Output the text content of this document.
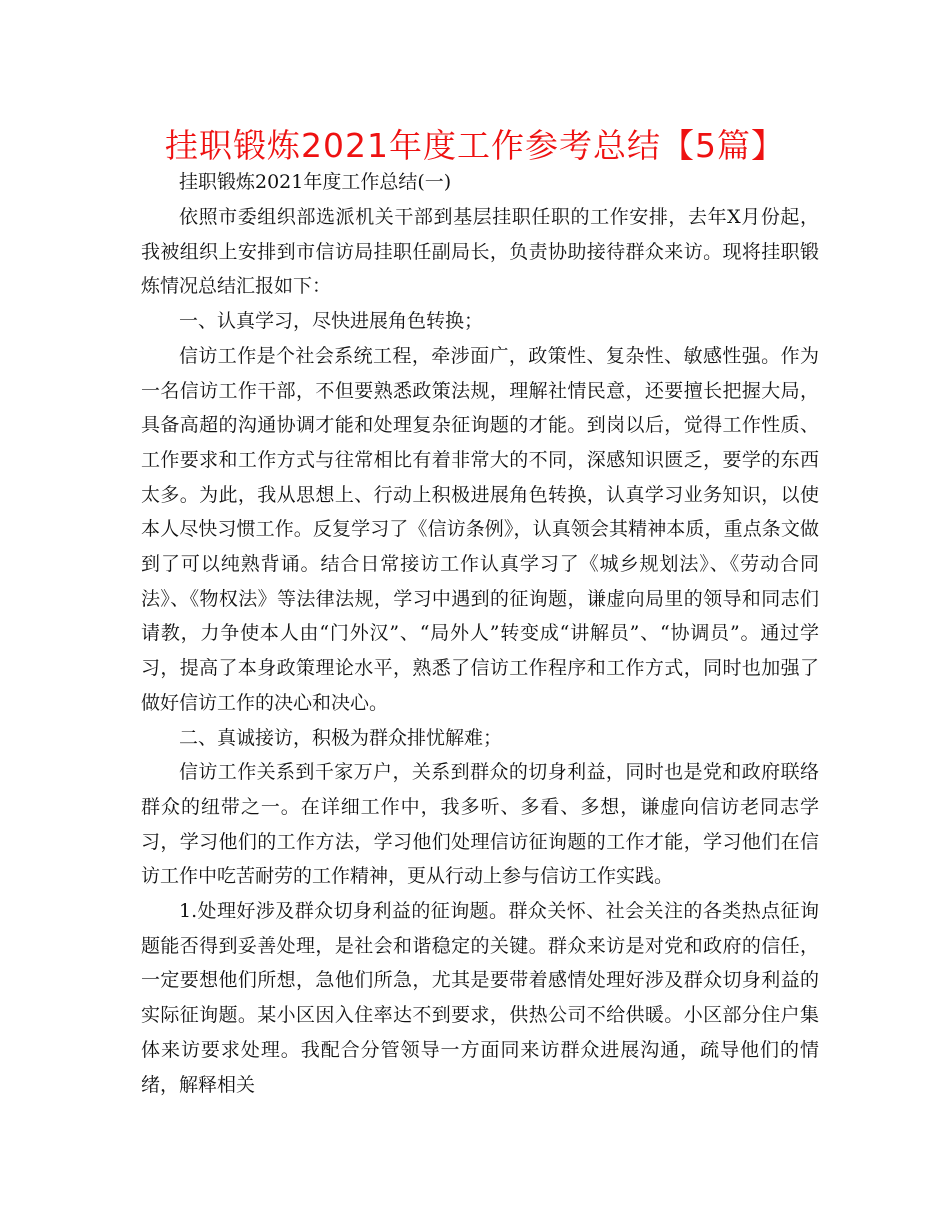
挂职锻炼2021年度工作参考总结【5篇】

挂职锻炼2021年度工作总结(一)

依照市委组织部选派机关干部到基层挂职任职的工作安排，去年X月份起，我被组织上安排到市信访局挂职任副局长，负责协助接待群众来访。现将挂职锻炼情况总结汇报如下：

一、认真学习，尽快进展角色转换；

信访工作是个社会系统工程，牵涉面广，政策性、复杂性、敏感性强。作为一名信访工作干部，不但要熟悉政策法规，理解社情民意，还要擅长把握大局，具备高超的沟通协调才能和处理复杂征询题的才能。到岗以后，觉得工作性质、工作要求和工作方式与往常相比有着非常大的不同，深感知识匮乏，要学的东西太多。为此，我从思想上、行动上积极进展角色转换，认真学习业务知识，以使本人尽快习惯工作。反复学习了《信访条例》，认真领会其精神本质，重点条文做到了可以纯熟背诵。结合日常接访工作认真学习了《城乡规划法》、《劳动合同法》、《物权法》等法律法规，学习中遇到的征询题，谦虚向局里的领导和同志们请教，力争使本人由“门外汉”、“局外人”转变成“讲解员”、“协调员”。通过学习，提高了本身政策理论水平，熟悉了信访工作程序和工作方式，同时也加强了做好信访工作的决心和决心。

二、真诚接访，积极为群众排忧解难；

信访工作关系到千家万户，关系到群众的切身利益，同时也是党和政府联络群众的纽带之一。在详细工作中，我多听、多看、多想，谦虚向信访老同志学习，学习他们的工作方法，学习他们处理信访征询题的工作才能，学习他们在信访工作中吃苦耐劳的工作精神，更从行动上参与信访工作实践。

1.处理好涉及群众切身利益的征询题。群众关怀、社会关注的各类热点征询题能否得到妥善处理，是社会和谐稳定的关键。群众来访是对党和政府的信任，一定要想他们所想，急他们所急，尤其是要带着感情处理好涉及群众切身利益的实际征询题。某小区因入住率达不到要求，供热公司不给供暖。小区部分住户集体来访要求处理。我配合分管领导一方面同来访群众进展沟通，疏导他们的情绪，解释相关
